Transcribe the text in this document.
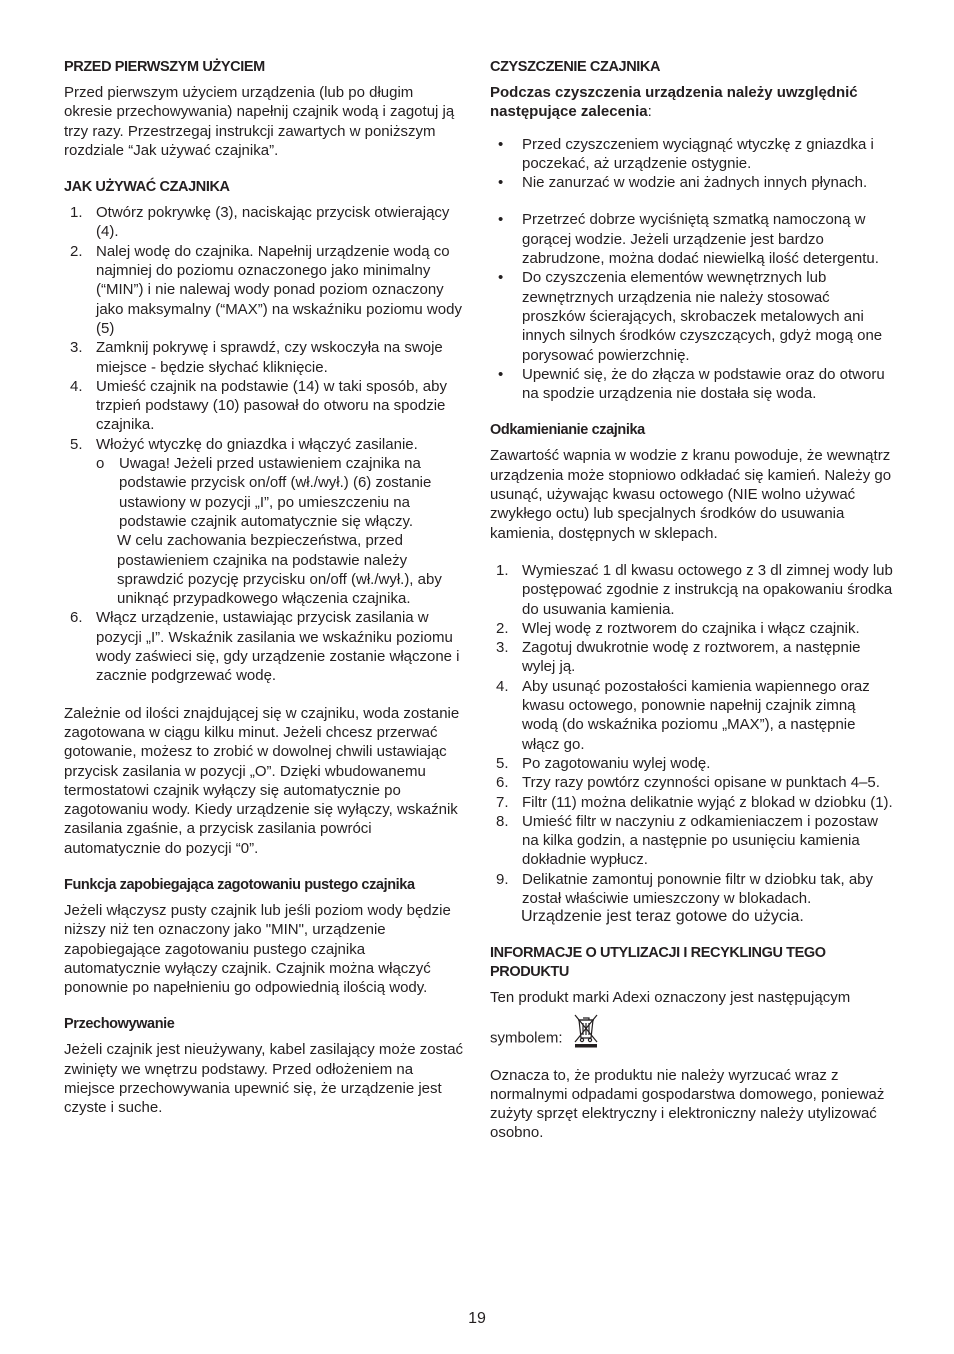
PRZED PIERWSZYM UŻYCIEM

Przed pierwszym użyciem urządzenia (lub po długim okresie przechowywania) napełnij czajnik wodą i zagotuj ją trzy razy. Przestrzegaj instrukcji zawartych w poniższym rozdziale “Jak używać czajnika”.

JAK UŻYWAĆ CZAJNIKA
1. Otwórz pokrywkę (3), naciskając przycisk otwierający (4).
2. Nalej wodę do czajnika. Napełnij urządzenie wodą co najmniej do poziomu oznaczonego jako minimalny (“MIN”) i nie nalewaj wody ponad poziom oznaczony jako maksymalny (“MAX”) na wskaźniku poziomu wody (5)
3. Zamknij pokrywę i sprawdź, czy wskoczyła na swoje miejsce - będzie słychać kliknięcie.
4. Umieść czajnik na podstawie (14) w taki sposób, aby trzpień podstawy (10) pasował do otworu na spodzie czajnika.
5. Włożyć wtyczkę do gniazdka i włączyć zasilanie.
o Uwaga! Jeżeli przed ustawieniem czajnika na podstawie przycisk on/off (wł./wył.) (6) zostanie ustawiony w pozycji „I”, po umieszczeniu na podstawie czajnik automatycznie się włączy.
W celu zachowania bezpieczeństwa, przed postawieniem czajnika na podstawie należy sprawdzić pozycję przycisku on/off (wł./wył.), aby uniknąć przypadkowego włączenia czajnika.
6. Włącz urządzenie, ustawiając przycisk zasilania w pozycji „I”. Wskaźnik zasilania we wskaźniku poziomu wody zaświeci się, gdy urządzenie zostanie włączone i zacznie podgrzewać wodę.

Zależnie od ilości znajdującej się w czajniku, woda zostanie zagotowana w ciągu kilku minut. Jeżeli chcesz przerwać gotowanie, możesz to zrobić w dowolnej chwili ustawiając przycisk zasilania w pozycji „O”. Dzięki wbudowanemu termostatowi czajnik wyłączy się automatycznie po zagotowaniu wody. Kiedy urządzenie się wyłączy, wskaźnik zasilania zgaśnie, a przycisk zasilania powróci automatycznie do pozycji “0”.

Funkcja zapobiegająca zagotowaniu pustego czajnika

Jeżeli włączysz pusty czajnik lub jeśli poziom wody będzie niższy niż ten oznaczony jako "MIN", urządzenie zapobiegające zagotowaniu pustego czajnika automatycznie wyłączy czajnik. Czajnik można włączyć ponownie po napełnieniu go odpowiednią ilością wody.

Przechowywanie

Jeżeli czajnik jest nieużywany, kabel zasilający może zostać zwinięty we wnętrzu podstawy. Przed odłożeniem na miejsce przechowywania upewnić się, że urządzenie jest czyste i suche.

CZYSZCZENIE CZAJNIKA

Podczas czyszczenia urządzenia należy uwzględnić następujące zalecenia:

• Przed czyszczeniem wyciągnąć wtyczkę z gniazdka i poczekać, aż urządzenie ostygnie.
• Nie zanurzać w wodzie ani żadnych innych płynach.
• Przetrzeć dobrze wyciśniętą szmatką namoczoną w gorącej wodzie. Jeżeli urządzenie jest bardzo zabrudzone, można dodać niewielką ilość detergentu.
• Do czyszczenia elementów wewnętrznych lub zewnętrznych urządzenia nie należy stosować proszków ścierających, skrobaczek metalowych ani innych silnych środków czyszczących, gdyż mogą one porysować powierzchnię.
• Upewnić się, że do złącza w podstawie oraz do otworu na spodzie urządzenia nie dostała się woda.
Odkamienianie czajnika

Zawartość wapnia w wodzie z kranu powoduje, że wewnątrz urządzenia może stopniowo odkładać się kamień. Należy go usunąć, używając kwasu octowego (NIE wolno używać zwykłego octu) lub specjalnych środków do usuwania kamienia, dostępnych w sklepach.

1. Wymieszać 1 dl kwasu octowego z 3 dl zimnej wody lub postępować zgodnie z instrukcją na opakowaniu środka do usuwania kamienia.
2. Wlej wodę z roztworem do czajnika i włącz czajnik.
3. Zagotuj dwukrotnie wodę z roztworem, a następnie wylej ją.
4. Aby usunąć pozostałości kamienia wapiennego oraz kwasu octowego, ponownie napełnij czajnik zimną wodą (do wskaźnika poziomu „MAX”), a następnie włącz go.
5. Po zagotowaniu wylej wodę.
6. Trzy razy powtórz czynności opisane w punktach 4–5.
7. Filtr (11) można delikatnie wyjąć z blokad w dziobku (1).
8. Umieść filtr w naczyniu z odkamieniaczem i pozostaw na kilka godzin, a następnie po usunięciu kamienia dokładnie wypłucz.
9. Delikatnie zamontuj ponownie filtr w dziobku tak, aby został właściwie umieszczony w blokadach.
Urządzenie jest teraz gotowe do użycia.
INFORMACJE O UTYLIZACJI I RECYKLINGU TEGO PRODUKTU

Ten produkt marki Adexi oznaczony jest następującym

symbolem:

Oznacza to, że produktu nie należy wyrzucać wraz z normalnymi odpadami gospodarstwa domowego, ponieważ zużyty sprzęt elektryczny i elektroniczny należy utylizować osobno.

19
